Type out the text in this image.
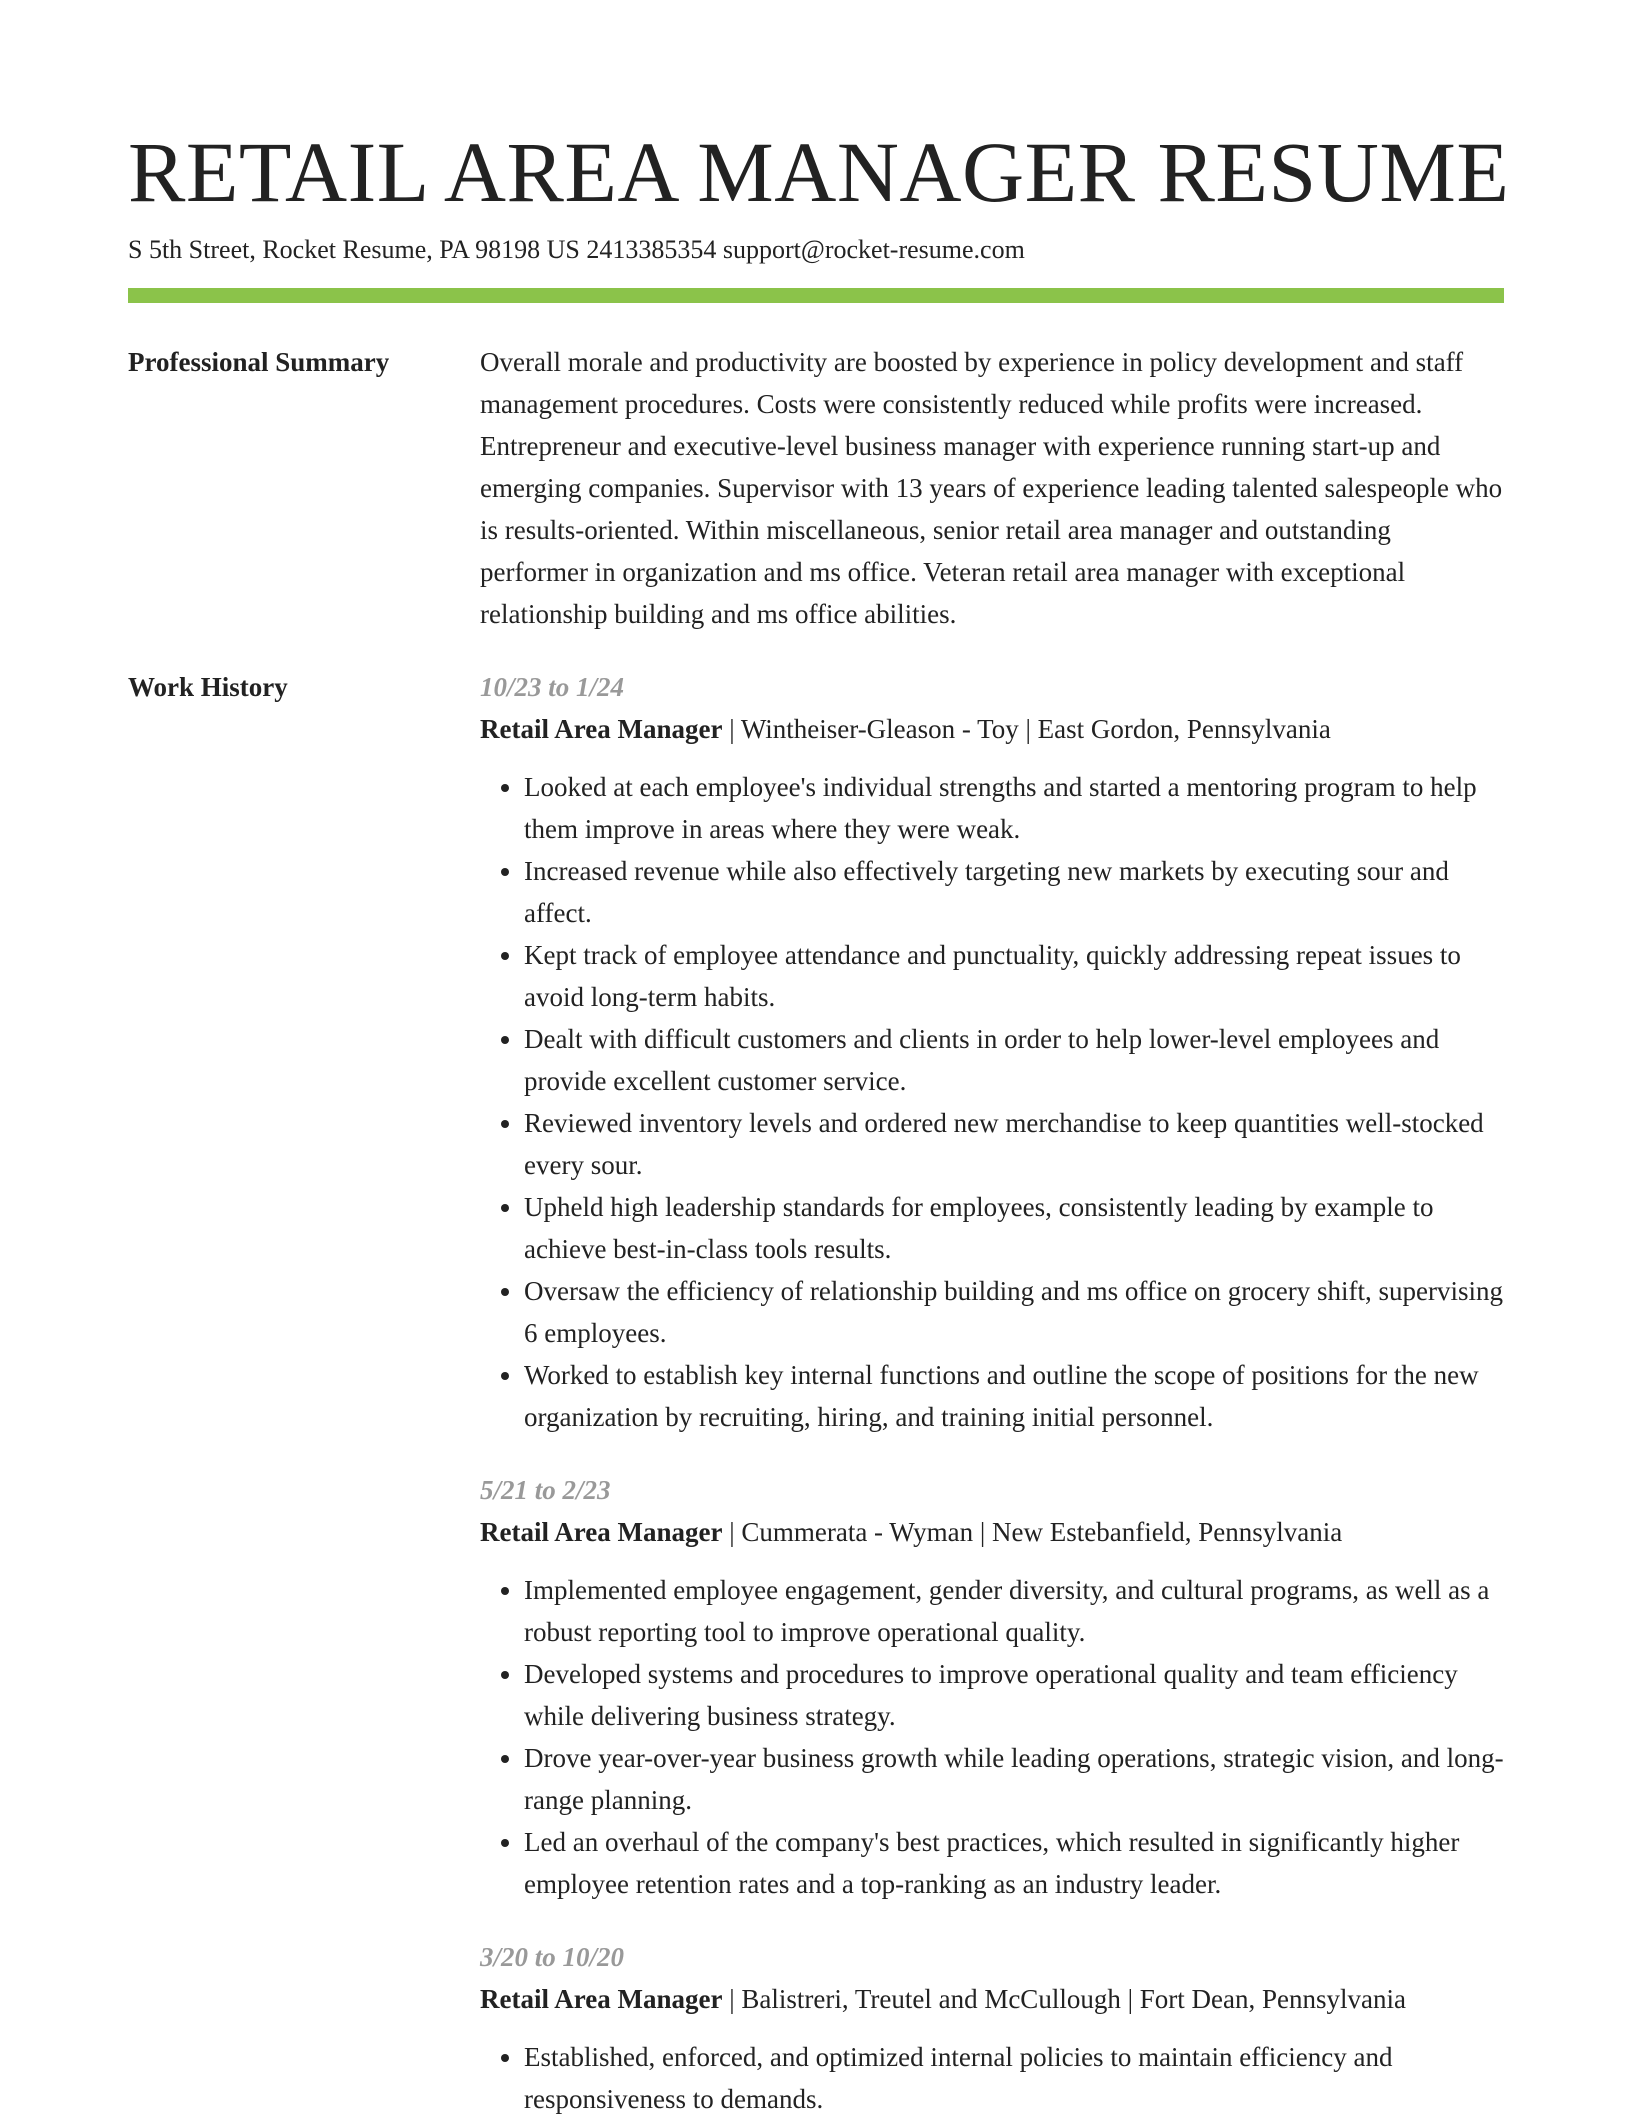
RETAIL AREA MANAGER RESUME
S 5th Street, Rocket Resume, PA 98198 US 2413385354 support@rocket-resume.com
Professional Summary	Overall morale and productivity are boosted by experience in policy development and staff management procedures. Costs were consistently reduced while profits were increased. Entrepreneur and executive-level business manager with experience running start-up and emerging companies. Supervisor with 13 years of experience leading talented salespeople who is results-oriented. Within miscellaneous, senior retail area manager and outstanding performer in organization and ms office. Veteran retail area manager with exceptional relationship building and ms office abilities.

Work History	10/23 to 1/24
Retail Area Manager | Wintheiser-Gleason - Toy | East Gordon, Pennsylvania
• Looked at each employee's individual strengths and started a mentoring program to help them improve in areas where they were weak.
• Increased revenue while also effectively targeting new markets by executing sour and affect.
• Kept track of employee attendance and punctuality, quickly addressing repeat issues to avoid long-term habits.
• Dealt with difficult customers and clients in order to help lower-level employees and provide excellent customer service.
• Reviewed inventory levels and ordered new merchandise to keep quantities well-stocked every sour.
• Upheld high leadership standards for employees, consistently leading by example to achieve best-in-class tools results.
• Oversaw the efficiency of relationship building and ms office on grocery shift, supervising 6 employees.
• Worked to establish key internal functions and outline the scope of positions for the new organization by recruiting, hiring, and training initial personnel.
5/21 to 2/23
Retail Area Manager | Cummerata - Wyman | New Estebanfield, Pennsylvania
• Implemented employee engagement, gender diversity, and cultural programs, as well as a robust reporting tool to improve operational quality.
• Developed systems and procedures to improve operational quality and team efficiency while delivering business strategy.
• Drove year-over-year business growth while leading operations, strategic vision, and long-range planning.
• Led an overhaul of the company's best practices, which resulted in significantly higher employee retention rates and a top-ranking as an industry leader.
3/20 to 10/20
Retail Area Manager | Balistreri, Treutel and McCullough | Fort Dean, Pennsylvania
• Established, enforced, and optimized internal policies to maintain efficiency and responsiveness to demands.
